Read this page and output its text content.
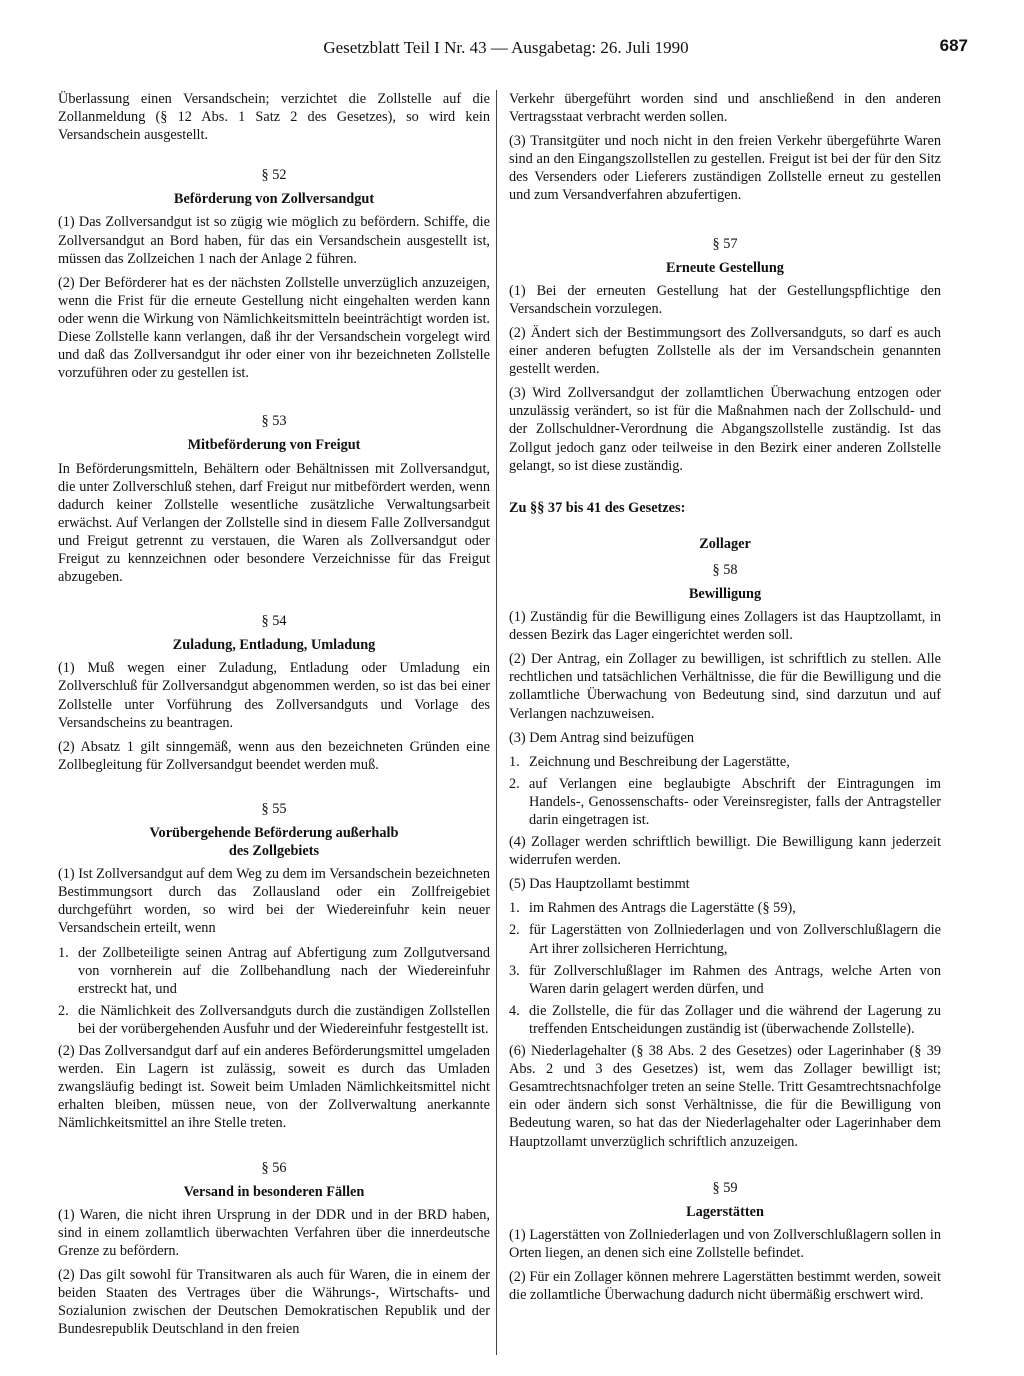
Gesetzblatt Teil I Nr. 43 — Ausgabetag: 26. Juli 1990	687

Überlassung einen Versandschein; verzichtet die Zollstelle auf die Zollanmeldung (§ 12 Abs. 1 Satz 2 des Gesetzes), so wird kein Versandschein ausgestellt.

§ 52
Beförderung von Zollversandgut

(1) Das Zollversandgut ist so zügig wie möglich zu befördern. Schiffe, die Zollversandgut an Bord haben, für das ein Versandschein ausgestellt ist, müssen das Zollzeichen 1 nach der Anlage 2 führen.

(2) Der Beförderer hat es der nächsten Zollstelle unverzüglich anzuzeigen, wenn die Frist für die erneute Gestellung nicht eingehalten werden kann oder wenn die Wirkung von Nämlichkeitsmitteln beeinträchtigt worden ist. Diese Zollstelle kann verlangen, daß ihr der Versandschein vorgelegt wird und daß das Zollversandgut ihr oder einer von ihr bezeichneten Zollstelle vorzuführen oder zu gestellen ist.

§ 53
Mitbeförderung von Freigut

In Beförderungsmitteln, Behältern oder Behältnissen mit Zollversandgut, die unter Zollverschluß stehen, darf Freigut nur mitbefördert werden, wenn dadurch keiner Zollstelle wesentliche zusätzliche Verwaltungsarbeit erwächst. Auf Verlangen der Zollstelle sind in diesem Falle Zollversandgut und Freigut getrennt zu verstauen, die Waren als Zollversandgut oder Freigut zu kennzeichnen oder besondere Verzeichnisse für das Freigut abzugeben.

§ 54
Zuladung, Entladung, Umladung

(1) Muß wegen einer Zuladung, Entladung oder Umladung ein Zollverschluß für Zollversandgut abgenommen werden, so ist das bei einer Zollstelle unter Vorführung des Zollversandguts und Vorlage des Versandscheins zu beantragen.

(2) Absatz 1 gilt sinngemäß, wenn aus den bezeichneten Gründen eine Zollbegleitung für Zollversandgut beendet werden muß.

§ 55
Vorübergehende Beförderung außerhalb
des Zollgebiets

(1) Ist Zollversandgut auf dem Weg zu dem im Versandschein bezeichneten Bestimmungsort durch das Zollausland oder ein Zollfreigebiet durchgeführt worden, so wird bei der Wiedereinfuhr kein neuer Versandschein erteilt, wenn

1. der Zollbeteiligte seinen Antrag auf Abfertigung zum Zollgutversand von vornherein auf die Zollbehandlung nach der Wiedereinfuhr erstreckt hat, und
2. die Nämlichkeit des Zollversandguts durch die zuständigen Zollstellen bei der vorübergehenden Ausfuhr und der Wiedereinfuhr festgestellt ist.

(2) Das Zollversandgut darf auf ein anderes Beförderungsmittel umgeladen werden. Ein Lagern ist zulässig, soweit es durch das Umladen zwangsläufig bedingt ist. Soweit beim Umladen Nämlichkeitsmittel nicht erhalten bleiben, müssen neue, von der Zollverwaltung anerkannte Nämlichkeitsmittel an ihre Stelle treten.

§ 56
Versand in besonderen Fällen

(1) Waren, die nicht ihren Ursprung in der DDR und in der BRD haben, sind in einem zollamtlich überwachten Verfahren über die innerdeutsche Grenze zu befördern.

(2) Das gilt sowohl für Transitwaren als auch für Waren, die in einem der beiden Staaten des Vertrages über die Währungs-, Wirtschafts- und Sozialunion zwischen der Deutschen Demokratischen Republik und der Bundesrepublik Deutschland in den freien

Verkehr übergeführt worden sind und anschließend in den anderen Vertragsstaat verbracht werden sollen.

(3) Transitgüter und noch nicht in den freien Verkehr übergeführte Waren sind an den Eingangszollstellen zu gestellen. Freigut ist bei der für den Sitz des Versenders oder Lieferers zuständigen Zollstelle erneut zu gestellen und zum Versandverfahren abzufertigen.

§ 57
Erneute Gestellung

(1) Bei der erneuten Gestellung hat der Gestellungspflichtige den Versandschein vorzulegen.

(2) Ändert sich der Bestimmungsort des Zollversandguts, so darf es auch einer anderen befugten Zollstelle als der im Versandschein genannten gestellt werden.

(3) Wird Zollversandgut der zollamtlichen Überwachung entzogen oder unzulässig verändert, so ist für die Maßnahmen nach der Zollschuld- und der Zollschuldner-Verordnung die Abgangszollstelle zuständig. Ist das Zollgut jedoch ganz oder teilweise in den Bezirk einer anderen Zollstelle gelangt, so ist diese zuständig.

Zu §§ 37 bis 41 des Gesetzes:
Zollager
§ 58
Bewilligung

(1) Zuständig für die Bewilligung eines Zollagers ist das Hauptzollamt, in dessen Bezirk das Lager eingerichtet werden soll.

(2) Der Antrag, ein Zollager zu bewilligen, ist schriftlich zu stellen. Alle rechtlichen und tatsächlichen Verhältnisse, die für die Bewilligung und die zollamtliche Überwachung von Bedeutung sind, sind darzutun und auf Verlangen nachzuweisen.

(3) Dem Antrag sind beizufügen

1. Zeichnung und Beschreibung der Lagerstätte,
2. auf Verlangen eine beglaubigte Abschrift der Eintragungen im Handels-, Genossenschafts- oder Vereinsregister, falls der Antragsteller darin eingetragen ist.

(4) Zollager werden schriftlich bewilligt. Die Bewilligung kann jederzeit widerrufen werden.

(5) Das Hauptzollamt bestimmt

1. im Rahmen des Antrags die Lagerstätte (§ 59),
2. für Lagerstätten von Zollniederlagen und von Zollverschlußlagern die Art ihrer zollsicheren Herrichtung,
3. für Zollverschlußlager im Rahmen des Antrags, welche Arten von Waren darin gelagert werden dürfen, und
4. die Zollstelle, die für das Zollager und die während der Lagerung zu treffenden Entscheidungen zuständig ist (überwachende Zollstelle).

(6) Niederlagehalter (§ 38 Abs. 2 des Gesetzes) oder Lagerinhaber (§ 39 Abs. 2 und 3 des Gesetzes) ist, wem das Zollager bewilligt ist; Gesamtrechtsnachfolger treten an seine Stelle. Tritt Gesamtrechtsnachfolge ein oder ändern sich sonst Verhältnisse, die für die Bewilligung von Bedeutung waren, so hat das der Niederlagehalter oder Lagerinhaber dem Hauptzollamt unverzüglich schriftlich anzuzeigen.

§ 59
Lagerstätten

(1) Lagerstätten von Zollniederlagen und von Zollverschlußlagern sollen in Orten liegen, an denen sich eine Zollstelle befindet.

(2) Für ein Zollager können mehrere Lagerstätten bestimmt werden, soweit die zollamtliche Überwachung dadurch nicht übermäßig erschwert wird.
